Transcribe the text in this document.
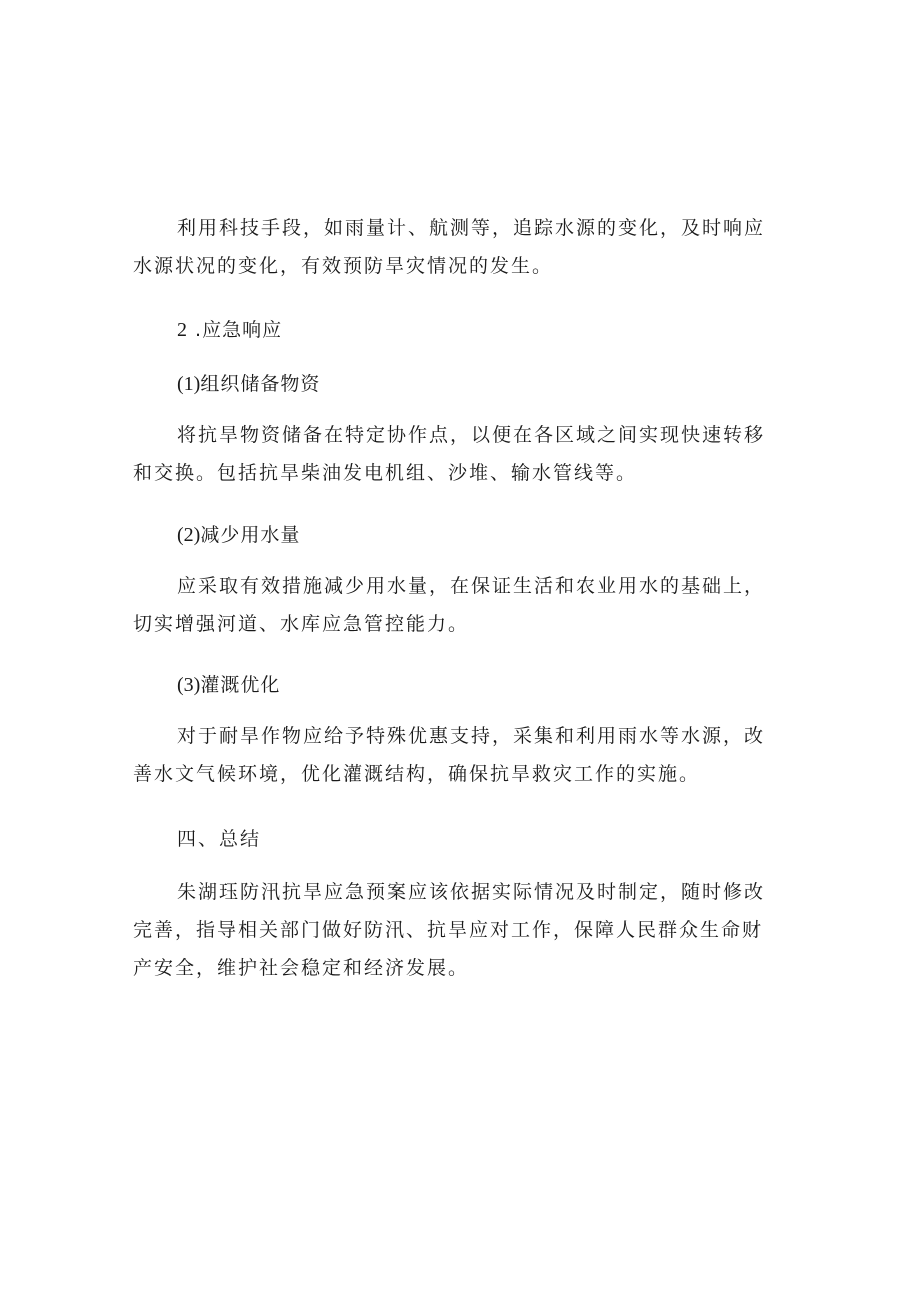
利用科技手段，如雨量计、航测等，追踪水源的变化，及时响应水源状况的变化，有效预防旱灾情况的发生。
2 .应急响应
(1)组织储备物资
将抗旱物资储备在特定协作点，以便在各区域之间实现快速转移和交换。包括抗旱柴油发电机组、沙堆、输水管线等。
(2)减少用水量
应采取有效措施减少用水量，在保证生活和农业用水的基础上，切实增强河道、水库应急管控能力。
(3)灌溉优化
对于耐旱作物应给予特殊优惠支持，采集和利用雨水等水源，改善水文气候环境，优化灌溉结构，确保抗旱救灾工作的实施。
四、总结
朱湖珏防汛抗旱应急预案应该依据实际情况及时制定，随时修改完善，指导相关部门做好防汛、抗旱应对工作，保障人民群众生命财产安全，维护社会稳定和经济发展。
